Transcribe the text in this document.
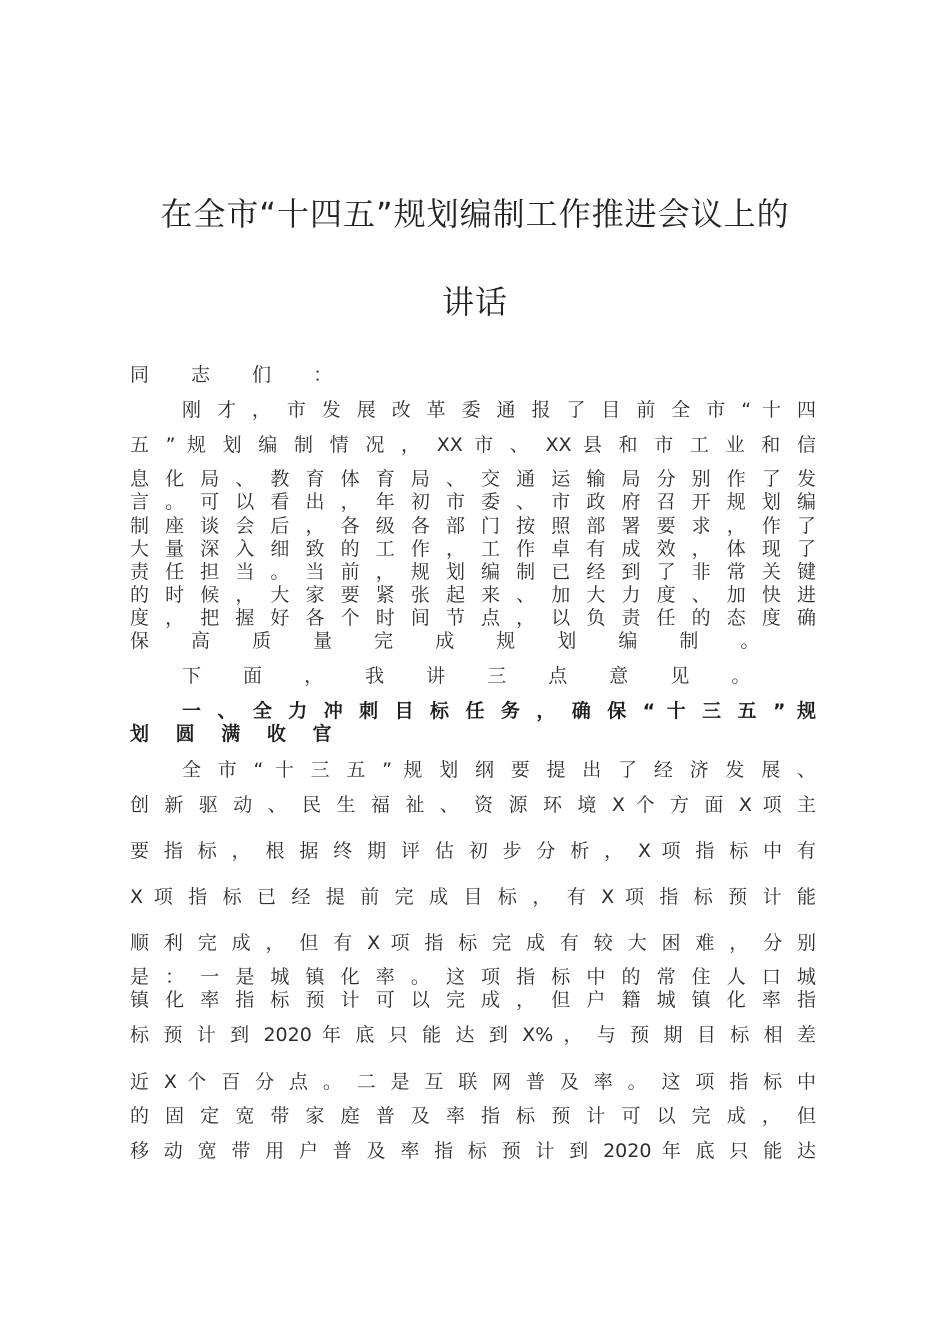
在全市“十四五”规划编制工作推进会议上的
讲话
同 志 们 ：
刚 才 ， 市 发 展 改 革 委 通 报 了 目 前 全 市 “ 十 四
五 ” 规 划 编 制 情 况 ， XX 市 、 XX 县 和 市 工 业 和 信
息 化 局 、 教 育 体 育 局 、 交 通 运 输 局 分 别 作 了 发
言 。 可 以 看 出 ， 年 初 市 委 、 市 政 府 召 开 规 划 编
制 座 谈 会 后 ， 各 级 各 部 门 按 照 部 署 要 求 ， 作 了
大 量 深 入 细 致 的 工 作 ， 工 作 卓 有 成 效 ， 体 现 了
责 任 担 当 。 当 前 ， 规 划 编 制 已 经 到 了 非 常 关 键
的 时 候 ， 大 家 要 紧 张 起 来 、 加 大 力 度 、 加 快 进
度 ， 把 握 好 各 个 时 间 节 点 ， 以 负 责 任 的 态 度 确
保 高 质 量 完 成 规 划 编 制 。
下 面 ， 我 讲 三 点 意 见 。
一 、 全 力 冲 刺 目 标 任 务 ， 确 保 “ 十 三 五 ” 规
划 圆 满 收 官
全 市 “ 十 三 五 ” 规 划 纲 要 提 出 了 经 济 发 展 、
创 新 驱 动 、 民 生 福 祉 、 资 源 环 境 X 个 方 面 X 项 主
要 指 标 ， 根 据 终 期 评 估 初 步 分 析 ， X 项 指 标 中 有
X 项 指 标 已 经 提 前 完 成 目 标 ， 有 X 项 指 标 预 计 能
顺 利 完 成 ， 但 有 X 项 指 标 完 成 有 较 大 困 难 ， 分 别
是 ： 一 是 城 镇 化 率 。 这 项 指 标 中 的 常 住 人 口 城
镇 化 率 指 标 预 计 可 以 完 成 ， 但 户 籍 城 镇 化 率 指
标 预 计 到 2020 年 底 只 能 达 到 X% ， 与 预 期 目 标 相 差
近 X 个 百 分 点 。 二 是 互 联 网 普 及 率 。 这 项 指 标 中
的 固 定 宽 带 家 庭 普 及 率 指 标 预 计 可 以 完 成 ， 但
移 动 宽 带 用 户 普 及 率 指 标 预 计 到 2020 年 底 只 能 达
